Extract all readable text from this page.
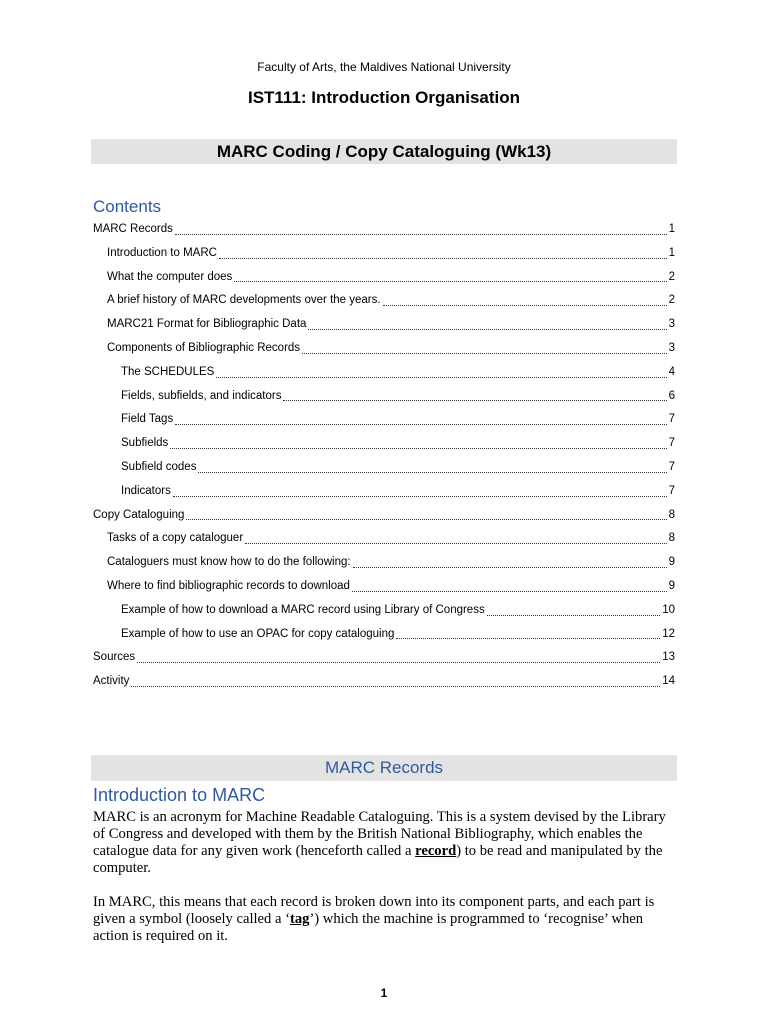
Faculty of Arts, the Maldives National University
IST111: Introduction Organisation
MARC Coding / Copy Cataloguing (Wk13)
Contents
MARC Records	1
Introduction to MARC	1
What the computer does	2
A brief history of MARC developments over the years.	2
MARC21 Format for Bibliographic Data	3
Components of Bibliographic Records	3
The SCHEDULES	4
Fields, subfields, and indicators	6
Field Tags	7
Subfields	7
Subfield codes	7
Indicators	7
Copy Cataloguing	8
Tasks of a copy cataloguer	8
Cataloguers must know how to do the following:	9
Where to find bibliographic records to download	9
Example of how to download a MARC record using Library of Congress	10
Example of how to use an OPAC for copy cataloguing	12
Sources	13
Activity	14
MARC Records
Introduction to MARC
MARC is an acronym for Machine Readable Cataloguing. This is a system devised by the Library of Congress and developed with them by the British National Bibliography, which enables the catalogue data for any given work (henceforth called a record) to be read and manipulated by the computer.
In MARC, this means that each record is broken down into its component parts, and each part is given a symbol (loosely called a ‘tag’) which the machine is programmed to ‘recognise’ when action is required on it.
1
